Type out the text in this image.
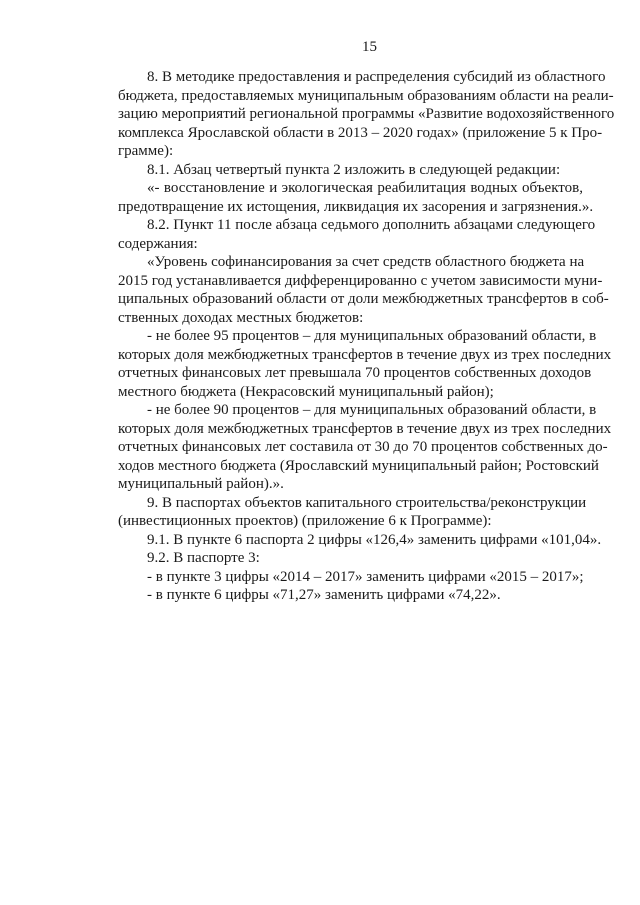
15
8. В методике предоставления и распределения субсидий из областного
бюджета, предоставляемых муниципальным образованиям области на реали-
зацию мероприятий региональной программы «Развитие водохозяйственного
комплекса Ярославской области в 2013 – 2020 годах» (приложение 5 к Про-
грамме):
8.1. Абзац четвертый пункта 2 изложить в следующей редакции:
«- восстановление и экологическая реабилитация водных объектов,
предотвращение их истощения, ликвидация их засорения и загрязнения.».
8.2. Пункт 11 после абзаца седьмого дополнить абзацами следующего
содержания:
«Уровень софинансирования за счет средств областного бюджета на
2015 год устанавливается дифференцированно с учетом зависимости муни-
ципальных образований области от доли межбюджетных трансфертов в соб-
ственных доходах местных бюджетов:
- не более 95 процентов – для муниципальных образований области, в
которых доля межбюджетных трансфертов в течение двух из трех последних
отчетных финансовых лет превышала 70 процентов собственных доходов
местного бюджета (Некрасовский муниципальный район);
- не более 90 процентов – для муниципальных образований области, в
которых доля межбюджетных трансфертов в течение двух из трех последних
отчетных финансовых лет составила от 30 до 70 процентов собственных до-
ходов местного бюджета (Ярославский муниципальный район; Ростовский
муниципальный район).».
9. В паспортах объектов капитального строительства/реконструкции
(инвестиционных проектов) (приложение 6 к Программе):
9.1. В пункте 6 паспорта 2 цифры «126,4» заменить цифрами «101,04».
9.2. В паспорте 3:
- в пункте 3 цифры «2014 – 2017» заменить цифрами «2015 – 2017»;
- в пункте 6 цифры «71,27» заменить цифрами «74,22».
